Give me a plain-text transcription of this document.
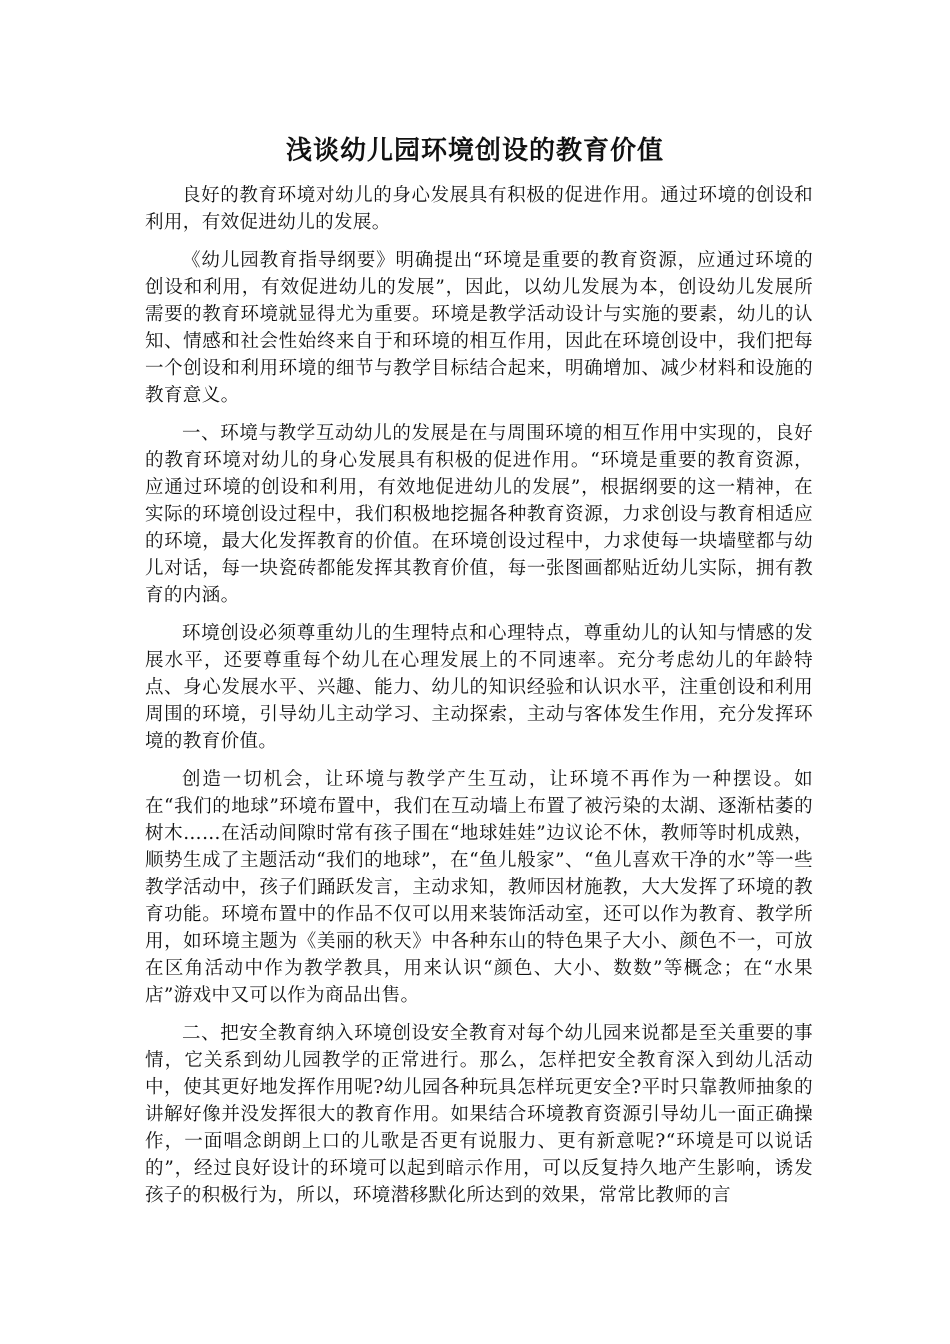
浅谈幼儿园环境创设的教育价值

良好的教育环境对幼儿的身心发展具有积极的促进作用。通过环境的创设和利用，有效促进幼儿的发展。

《幼儿园教育指导纲要》明确提出“环境是重要的教育资源，应通过环境的创设和利用，有效促进幼儿的发展”，因此，以幼儿发展为本，创设幼儿发展所需要的教育环境就显得尤为重要。环境是教学活动设计与实施的要素，幼儿的认知、情感和社会性始终来自于和环境的相互作用，因此在环境创设中，我们把每一个创设和利用环境的细节与教学目标结合起来，明确增加、减少材料和设施的教育意义。

一、环境与教学互动幼儿的发展是在与周围环境的相互作用中实现的，良好的教育环境对幼儿的身心发展具有积极的促进作用。“环境是重要的教育资源，应通过环境的创设和利用，有效地促进幼儿的发展”，根据纲要的这一精神，在实际的环境创设过程中，我们积极地挖掘各种教育资源，力求创设与教育相适应的环境，最大化发挥教育的价值。在环境创设过程中，力求使每一块墙壁都与幼儿对话，每一块瓷砖都能发挥其教育价值，每一张图画都贴近幼儿实际，拥有教育的内涵。

环境创设必须尊重幼儿的生理特点和心理特点，尊重幼儿的认知与情感的发展水平，还要尊重每个幼儿在心理发展上的不同速率。充分考虑幼儿的年龄特点、身心发展水平、兴趣、能力、幼儿的知识经验和认识水平，注重创设和利用周围的环境，引导幼儿主动学习、主动探索，主动与客体发生作用，充分发挥环境的教育价值。

创造一切机会，让环境与教学产生互动，让环境不再作为一种摆设。如在“我们的地球”环境布置中，我们在互动墙上布置了被污染的太湖、逐渐枯萎的树木……在活动间隙时常有孩子围在“地球娃娃”边议论不休，教师等时机成熟，顺势生成了主题活动“我们的地球”，在“鱼儿般家”、“鱼儿喜欢干净的水”等一些教学活动中，孩子们踊跃发言，主动求知，教师因材施教，大大发挥了环境的教育功能。环境布置中的作品不仅可以用来装饰活动室，还可以作为教育、教学所用，如环境主题为《美丽的秋天》中各种东山的特色果子大小、颜色不一，可放在区角活动中作为教学教具，用来认识“颜色、大小、数数”等概念；在“水果店”游戏中又可以作为商品出售。

二、把安全教育纳入环境创设安全教育对每个幼儿园来说都是至关重要的事情，它关系到幼儿园教学的正常进行。那么，怎样把安全教育深入到幼儿活动中，使其更好地发挥作用呢?幼儿园各种玩具怎样玩更安全?平时只靠教师抽象的讲解好像并没发挥很大的教育作用。如果结合环境教育资源引导幼儿一面正确操作，一面唱念朗朗上口的儿歌是否更有说服力、更有新意呢?“环境是可以说话的”，经过良好设计的环境可以起到暗示作用，可以反复持久地产生影响，诱发孩子的积极行为，所以，环境潜移默化所达到的效果，常常比教师的言
